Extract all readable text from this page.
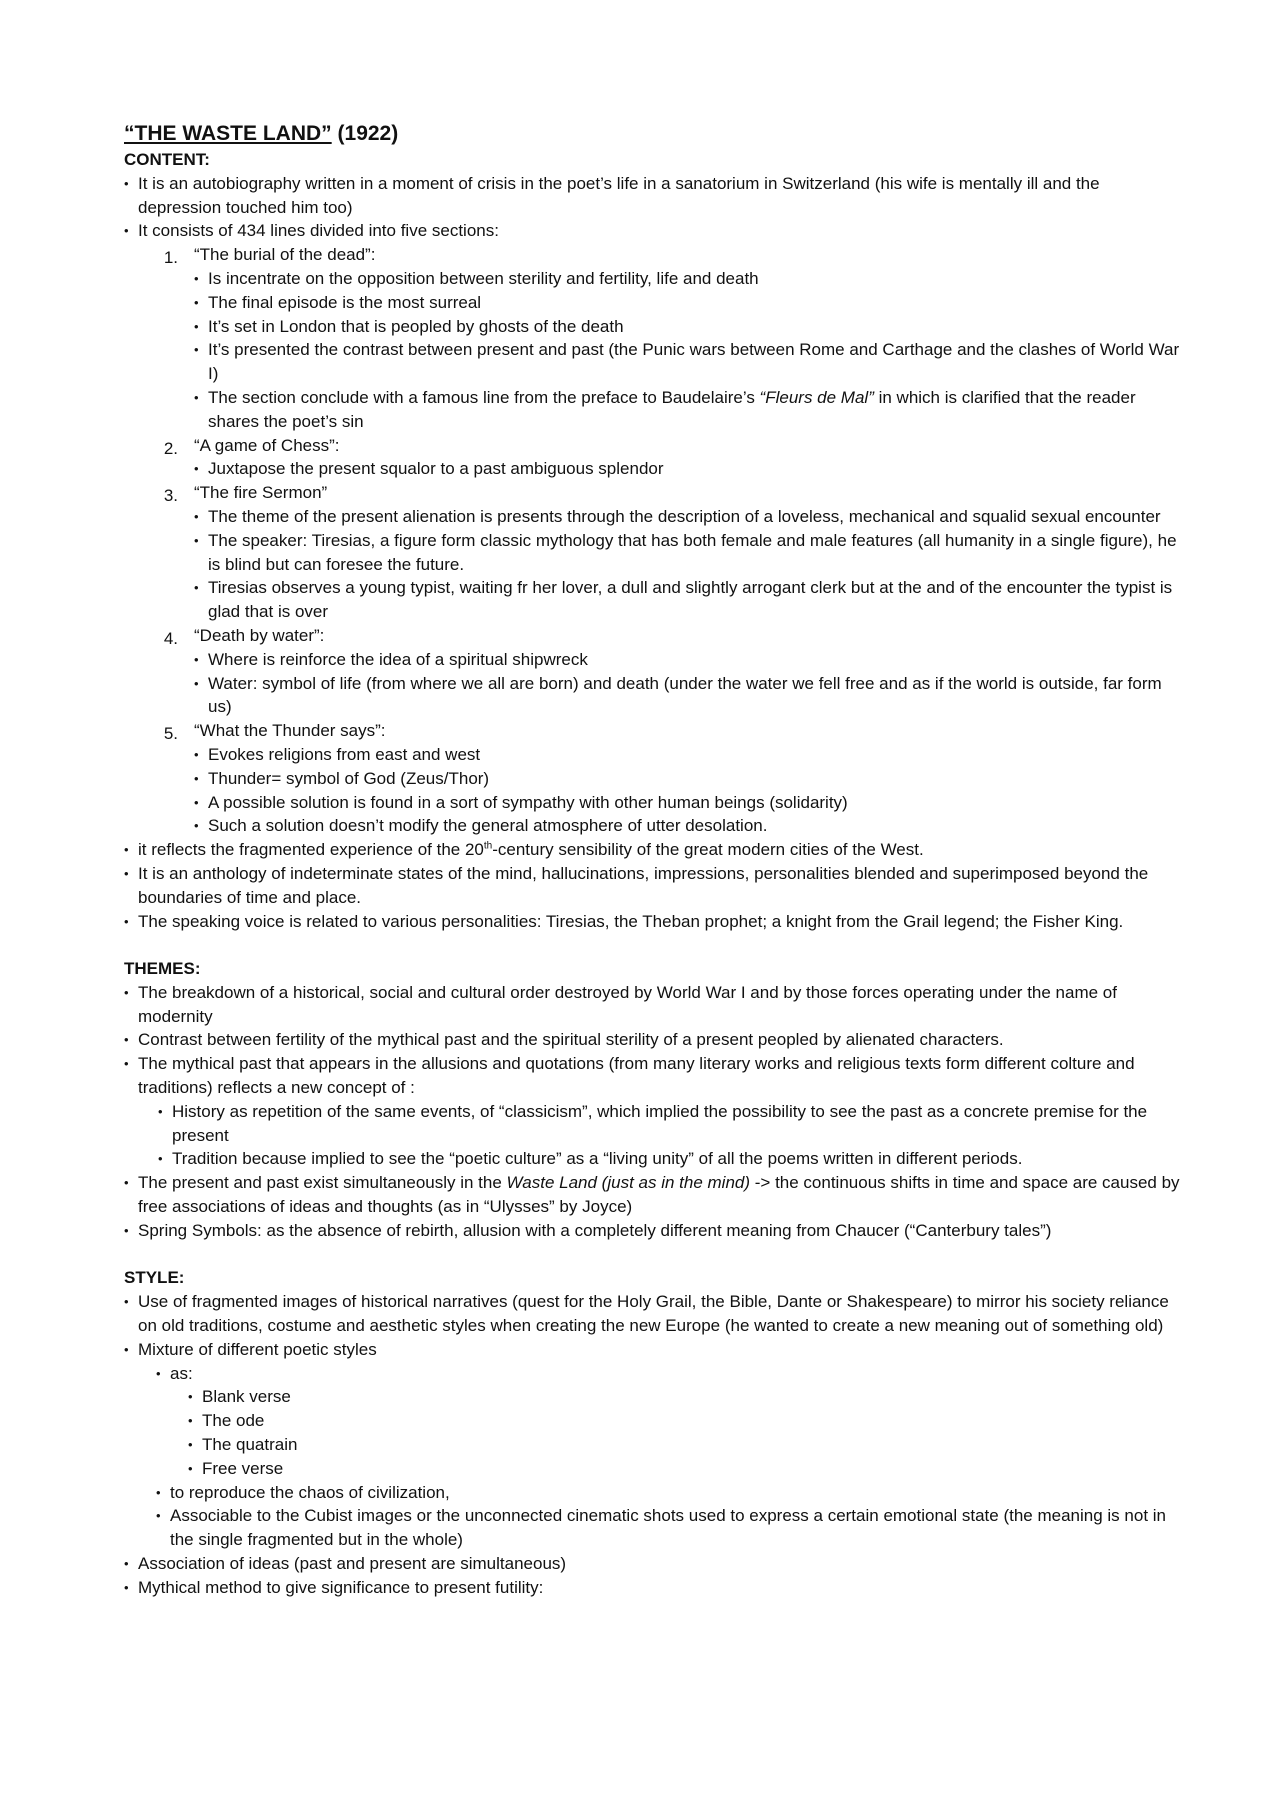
“THE WASTE LAND” (1922)

CONTENT:

• It is an autobiography written in a moment of crisis in the poet’s life in a sanatorium in Switzerland (his wife is mentally ill and the depression touched him too)
• It consists of 434 lines divided into five sections:
1. “The burial of the dead”:
• Is incentrate on the opposition between sterility and fertility, life and death
• The final episode is the most surreal
• It’s set in London that is peopled by ghosts of the death
• It’s presented the contrast between present and past (the Punic wars between Rome and Carthage and the clashes of World War I)
• The section conclude with a famous line from the preface to Baudelaire’s “Fleurs de Mal” in which is clarified that the reader shares the poet’s sin
2. “A game of Chess”:
• Juxtapose the present squalor to a past ambiguous splendor
3. “The fire Sermon”
• The theme of the present alienation is presents through the description of a loveless, mechanical and squalid sexual encounter
• The speaker: Tiresias, a figure form classic mythology that has both female and male features (all humanity in a single figure), he is blind but can foresee the future.
• Tiresias observes a young typist, waiting fr her lover, a dull and slightly arrogant clerk but at the and of the encounter the typist is glad that is over
4. “Death by water”:
• Where is reinforce the idea of a spiritual shipwreck
• Water: symbol of life (from where we all are born) and death (under the water we fell free and as if the world is outside, far form us)
5. “What the Thunder says”:
• Evokes religions from east and west
• Thunder= symbol of God (Zeus/Thor)
• A possible solution is found in a sort of sympathy with other human beings (solidarity)
• Such a solution doesn’t modify the general atmosphere of utter desolation.
• it reflects the fragmented experience of the 20th-century sensibility of the great modern cities of the West.
• It is an anthology of indeterminate states of the mind, hallucinations, impressions, personalities blended and superimposed beyond the boundaries of time and place.
• The speaking voice is related to various personalities: Tiresias, the Theban prophet; a knight from the Grail legend; the Fisher King.

THEMES:

• The breakdown of a historical, social and cultural order destroyed by World War I and by those forces operating under the name of modernity
• Contrast between fertility of the mythical past and the spiritual sterility of a present peopled by alienated characters.
• The mythical past that appears in the allusions and quotations (from many literary works and religious texts form different colture and traditions) reflects a new concept of :
• History as repetition of the same events, of “classicism”, which implied the possibility to see the past as a concrete premise for the present
• Tradition because implied to see the “poetic culture” as a “living unity” of all the poems written in different periods.
• The present and past exist simultaneously in the Waste Land (just as in the mind) -> the continuous shifts in time and space are caused by free associations of ideas and thoughts (as in “Ulysses” by Joyce)
• Spring Symbols: as the absence of rebirth, allusion with a completely different meaning from Chaucer (“Canterbury tales”)

STYLE:

• Use of fragmented images of historical narratives (quest for the Holy Grail, the Bible, Dante or Shakespeare) to mirror his society reliance on old traditions, costume and aesthetic styles when creating the new Europe (he wanted to create a new meaning out of something old)
• Mixture of different poetic styles
• as:
• Blank verse
• The ode
• The quatrain
• Free verse
• to reproduce the chaos of civilization,
• Associable to the Cubist images or the unconnected cinematic shots used to express a certain emotional state (the meaning is not in the single fragmented but in the whole)
• Association of ideas (past and present are simultaneous)
• Mythical method to give significance to present futility:
